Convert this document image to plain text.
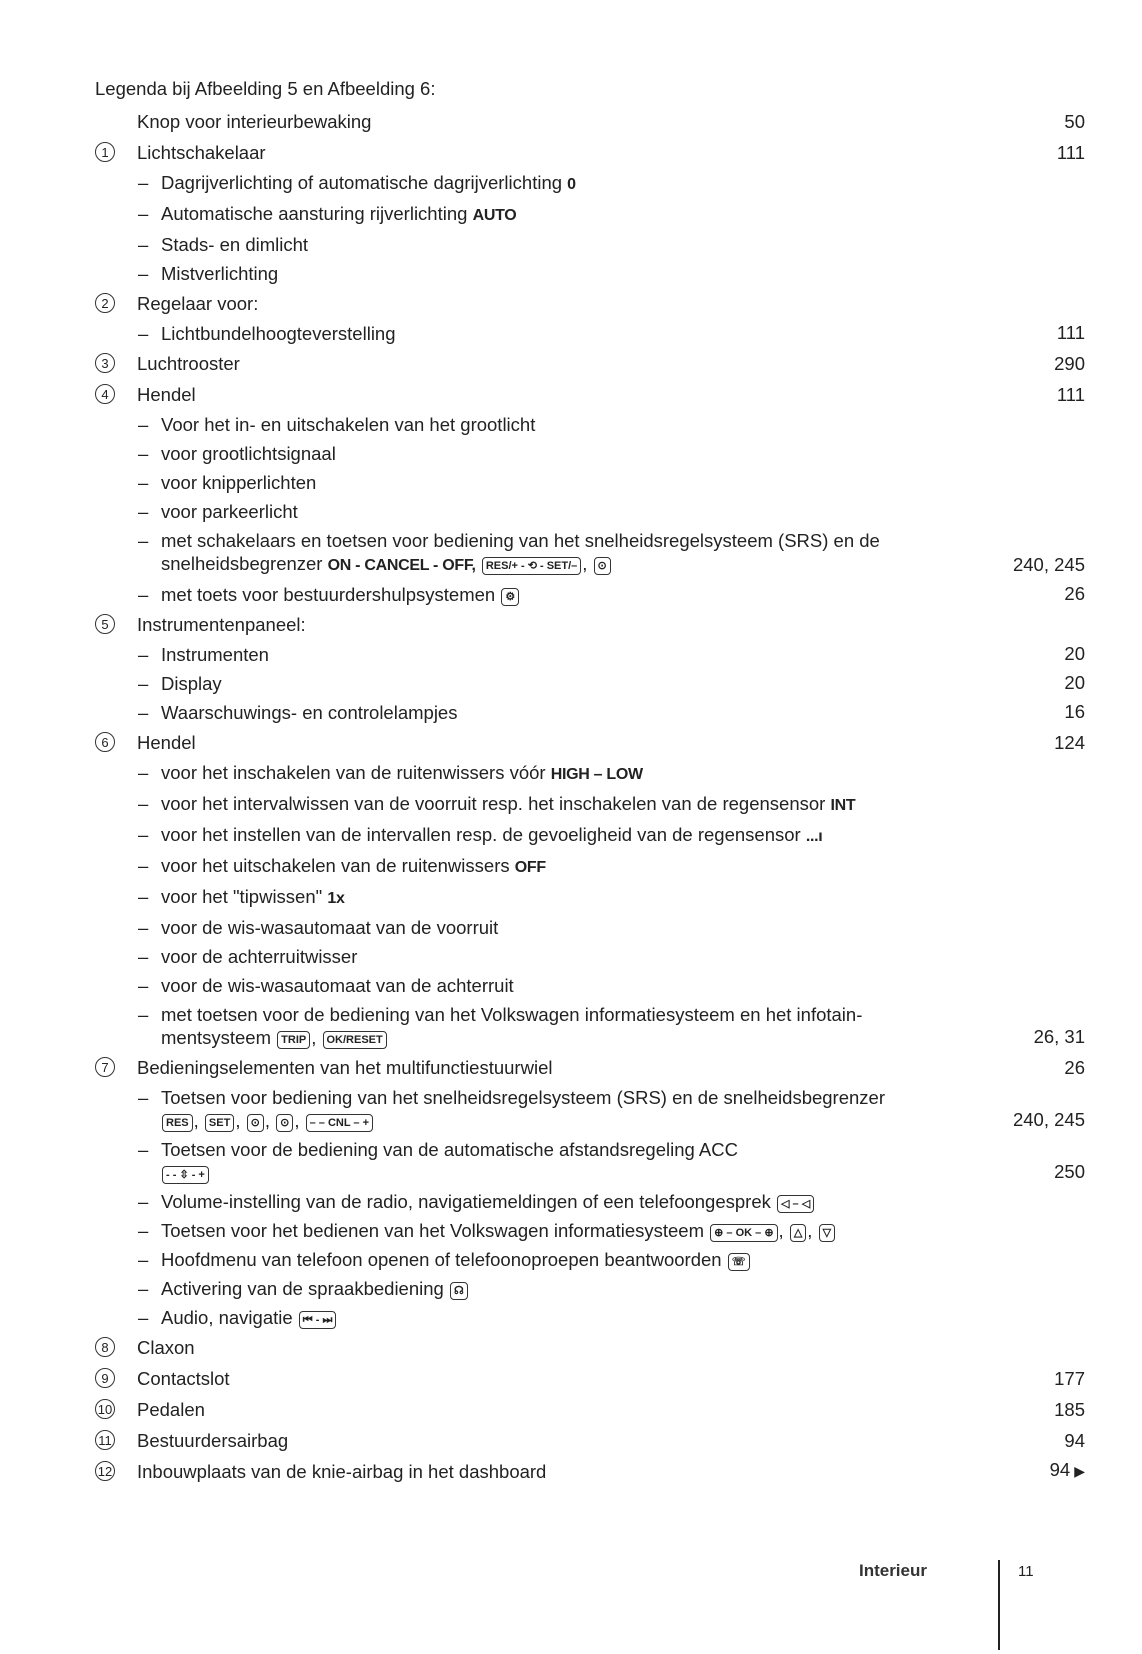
Legenda bij Afbeelding 5 en Afbeelding 6:
Knop voor interieurbewaking	50
1	Lichtschakelaar	111
– Dagrijverlichting of automatische dagrijverlichting 0
– Automatische aansturing rijverlichting AUTO
– Stads- en dimlicht
– Mistverlichting
2	Regelaar voor:
– Lichtbundelhoogteverstelling	111
3	Luchtrooster	290
4	Hendel	111
– Voor het in- en uitschakelen van het grootlicht
– voor grootlichtsignaal
– voor knipperlichten
– voor parkeerlicht
– met schakelaars en toetsen voor bediening van het snelheidsregelsysteem (SRS) en de
snelheidsbegrenzer ON - CANCEL - OFF, RES/+ - ⟲ - SET/– , ⊙	240, 245
– met toets voor bestuurdershulpsystemen ⚙	26
5	Instrumentenpaneel:
– Instrumenten	20
– Display	20
– Waarschuwings- en controlelampjes	16
6	Hendel	124
– voor het inschakelen van de ruitenwissers vóór HIGH – LOW
– voor het intervalwissen van de voorruit resp. het inschakelen van de regensensor INT
– voor het instellen van de intervallen resp. de gevoeligheid van de regensensor ...ı
– voor het uitschakelen van de ruitenwissers OFF
– voor het "tipwissen" 1x
– voor de wis-wasautomaat van de voorruit
– voor de achterruitwisser
– voor de wis-wasautomaat van de achterruit
– met toetsen voor de bediening van het Volkswagen informatiesysteem en het infotain-
mentsysteem TRIP , OK/RESET	26, 31
7	Bedieningselementen van het multifunctiestuurwiel	26
– Toetsen voor bediening van het snelheidsregelsysteem (SRS) en de snelheidsbegrenzer
RES , SET , ⊙ , ⊙ , – – CNL – +	240, 245
– Toetsen voor de bediening van de automatische afstandsregeling ACC
- - ⇳ - +	250
– Volume-instelling van de radio, navigatiemeldingen of een telefoongesprek ◁ – ◁
– Toetsen voor het bedienen van het Volkswagen informatiesysteem ⊕ – OK – ⊕ , △ , ▽
– Hoofdmenu van telefoon openen of telefoonoproepen beantwoorden ☏
– Activering van de spraakbediening ☊
– Audio, navigatie ⏮ - ⏭
8	Claxon
9	Contactslot	177
10 Pedalen	185
11 Bestuurdersairbag	94
12 Inbouwplaats van de knie-airbag in het dashboard	94 ▶
Interieur	11
